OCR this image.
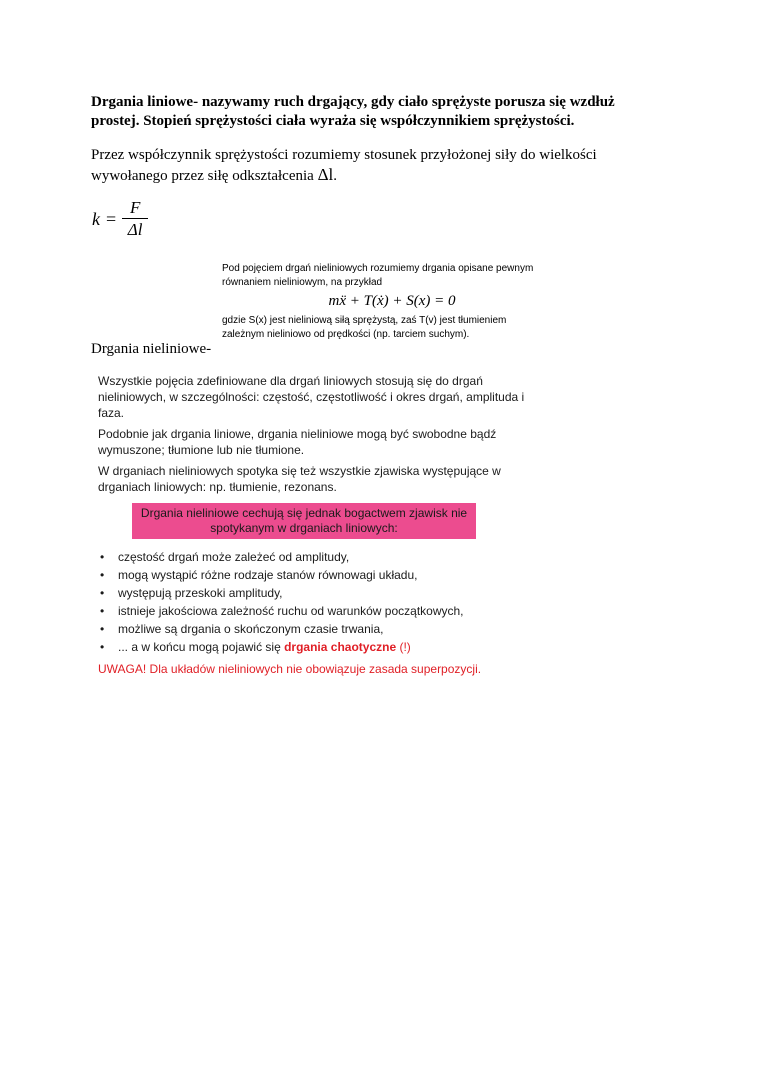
Drgania liniowe- nazywamy ruch drgający, gdy ciało sprężyste porusza się wzdłuż prostej. Stopień sprężystości ciała wyraża się współczynnikiem sprężystości.
Przez współczynnik sprężystości rozumiemy stosunek przyłożonej siły do wielkości wywołanego przez siłę odkształcenia Δl.
$k = \frac{F}{\Delta l}$
Pod pojęciem drgań nieliniowych rozumiemy drgania opisane pewnym równaniem nieliniowym, na przykład
mẍ + T(ẋ) + S(x) = 0
gdzie S(x) jest nieliniową siłą sprężystą, zaś T(v) jest tłumieniem zależnym nieliniowo od prędkości (np. tarciem suchym).
Drgania nieliniowe-

Wszystkie pojęcia zdefiniowane dla drgań liniowych stosują się do drgań nieliniowych, w szczególności: częstość, częstotliwość i okres drgań, amplituda i faza.

Podobnie jak drgania liniowe, drgania nieliniowe mogą być swobodne bądź wymuszone; tłumione lub nie tłumione.

W drganiach nieliniowych spotyka się też wszystkie zjawiska występujące w drganiach liniowych: np. tłumienie, rezonans.

Drgania nieliniowe cechują się jednak bogactwem zjawisk nie spotykanym w drganiach liniowych:
• częstość drgań może zależeć od amplitudy,
• mogą wystąpić różne rodzaje stanów równowagi układu,
• występują przeskoki amplitudy,
• istnieje jakościowa zależność ruchu od warunków początkowych,
• możliwe są drgania o skończonym czasie trwania,
• ... a w końcu mogą pojawić się drgania chaotyczne (!)
UWAGA! Dla układów nieliniowych nie obowiązuje zasada superpozycji.
